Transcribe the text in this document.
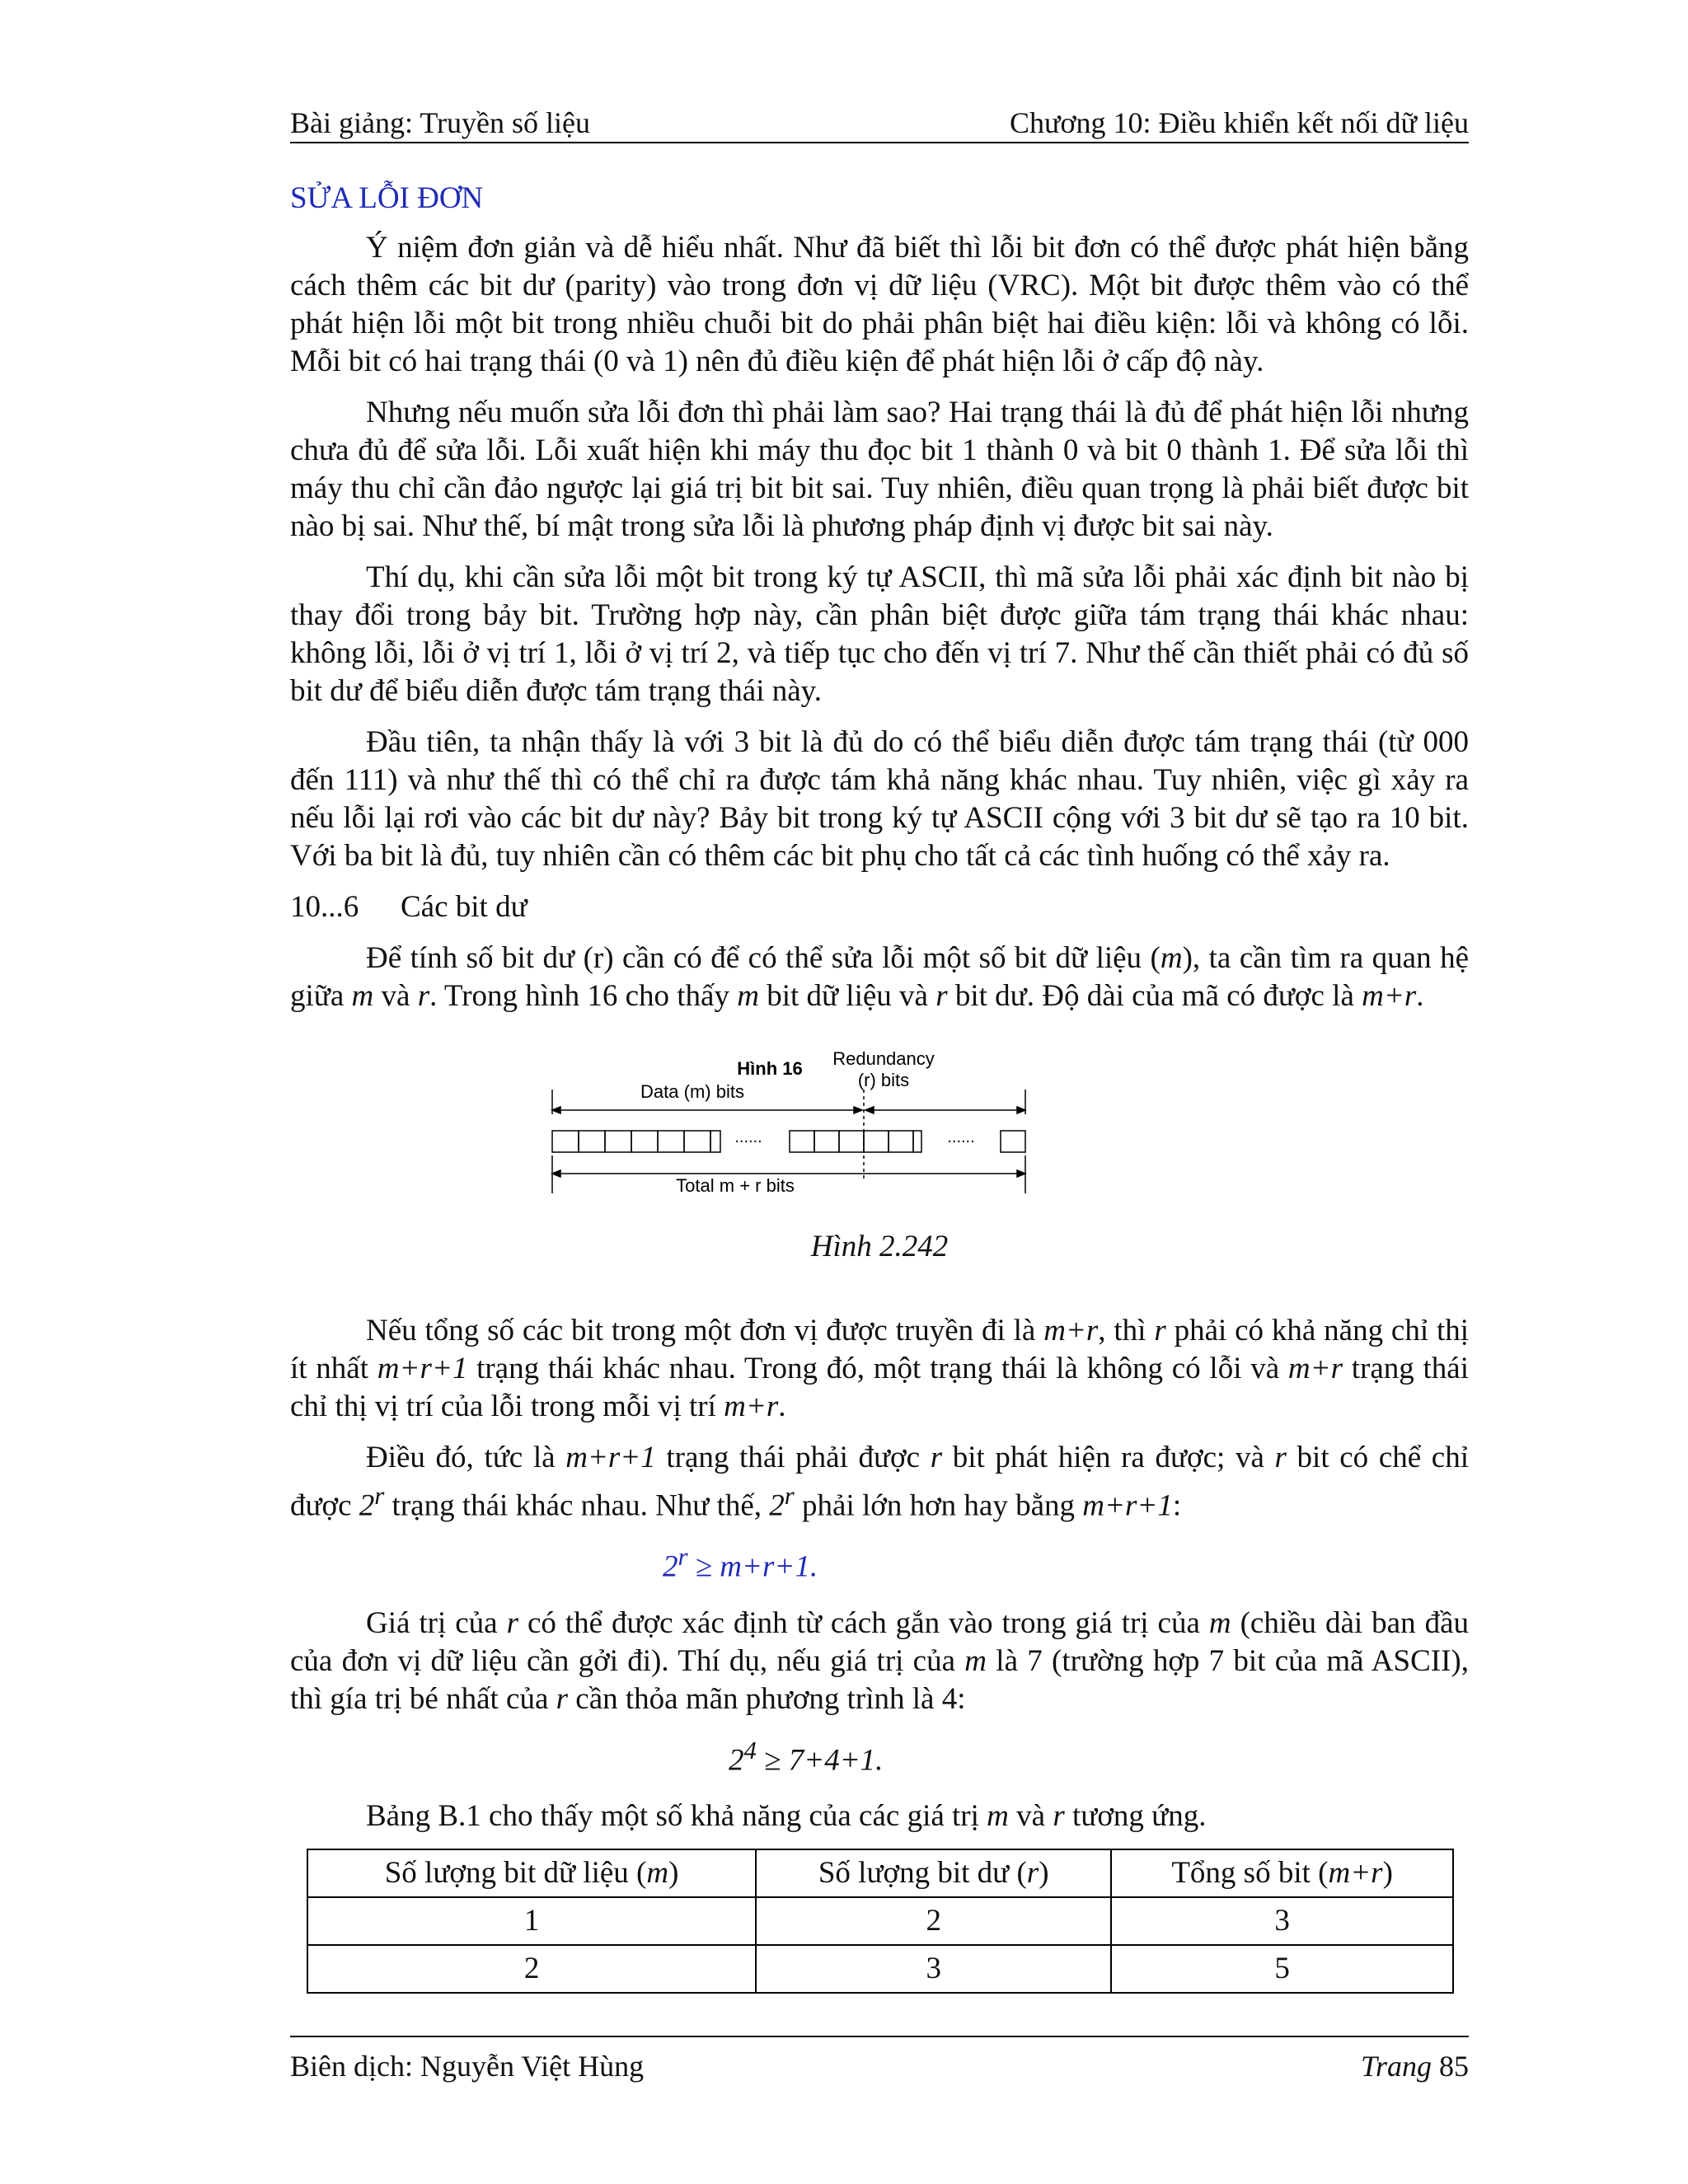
Bài giảng: Truyền số liệu	Chương 10: Điều khiển kết nối dữ liệu
SỬA LỖI ĐƠN

Ý niệm đơn giản và dễ hiểu nhất. Như đã biết thì lỗi bit đơn có thể được phát hiện bằng cách thêm các bit dư (parity) vào trong đơn vị dữ liệu (VRC). Một bit được thêm vào có thể phát hiện lỗi một bit trong nhiều chuỗi bit do phải phân biệt hai điều kiện: lỗi và không có lỗi. Mỗi bit có hai trạng thái (0 và 1) nên đủ điều kiện để phát hiện lỗi ở cấp độ này.

Nhưng nếu muốn sửa lỗi đơn thì phải làm sao? Hai trạng thái là đủ để phát hiện lỗi nhưng chưa đủ để sửa lỗi. Lỗi xuất hiện khi máy thu đọc bit 1 thành 0 và bit 0 thành 1. Để sửa lỗi thì máy thu chỉ cần đảo ngược lại giá trị bit bit sai. Tuy nhiên, điều quan trọng là phải biết được bit nào bị sai. Như thế, bí mật trong sửa lỗi là phương pháp định vị được bit sai này.

Thí dụ, khi cần sửa lỗi một bit trong ký tự ASCII, thì mã sửa lỗi phải xác định bit nào bị thay đổi trong bảy bit. Trường hợp này, cần phân biệt được giữa tám trạng thái khác nhau: không lỗi, lỗi ở vị trí 1, lỗi ở vị trí 2, và tiếp tục cho đến vị trí 7. Như thế cần thiết phải có đủ số bit dư để biểu diễn được tám trạng thái này.

Đầu tiên, ta nhận thấy là với 3 bit là đủ do có thể biểu diễn được tám trạng thái (từ 000 đến 111) và như thế thì có thể chỉ ra được tám khả năng khác nhau. Tuy nhiên, việc gì xảy ra nếu lỗi lại rơi vào các bit dư này? Bảy bit trong ký tự ASCII cộng với 3 bit dư sẽ tạo ra 10 bit. Với ba bit là đủ, tuy nhiên cần có thêm các bit phụ cho tất cả các tình huống có thể xảy ra.

10...6 Các bit dư

Để tính số bit dư (r) cần có để có thể sửa lỗi một số bit dữ liệu (m), ta cần tìm ra quan hệ giữa m và r. Trong hình 16 cho thấy m bit dữ liệu và r bit dư. Độ dài của mã có được là m+r.

Hình 16 Redundancy
(r) bits
Data (m) bits
......	......
Total m + r bits
Hình 2.242

Nếu tổng số các bit trong một đơn vị được truyền đi là m+r, thì r phải có khả năng chỉ thị ít nhất m+r+1 trạng thái khác nhau. Trong đó, một trạng thái là không có lỗi và m+r trạng thái chỉ thị vị trí của lỗi trong mỗi vị trí m+r.

Điều đó, tức là m+r+1 trạng thái phải được r bit phát hiện ra được; và r bit có chể chỉ được 2$^r$ trạng thái khác nhau. Như thế, 2$^r$ phải lớn hơn hay bằng m+r+1:

$2^r \ge m+r+1$.

Giá trị của r có thể được xác định từ cách gắn vào trong giá trị của m (chiều dài ban đầu của đơn vị dữ liệu cần gởi đi). Thí dụ, nếu giá trị của m là 7 (trường hợp 7 bit của mã ASCII), thì gía trị bé nhất của r cần thỏa mãn phương trình là 4:

$2^4 \ge 7+4+1$.

Bảng B.1 cho thấy một số khả năng của các giá trị m và r tương ứng.

Số lượng bit dữ liệu (m)	Số lượng bit dư (r)	Tổng số bit (m+r)
1	2	3
2	3	5
Biên dịch: Nguyễn Việt Hùng	Trang 85
